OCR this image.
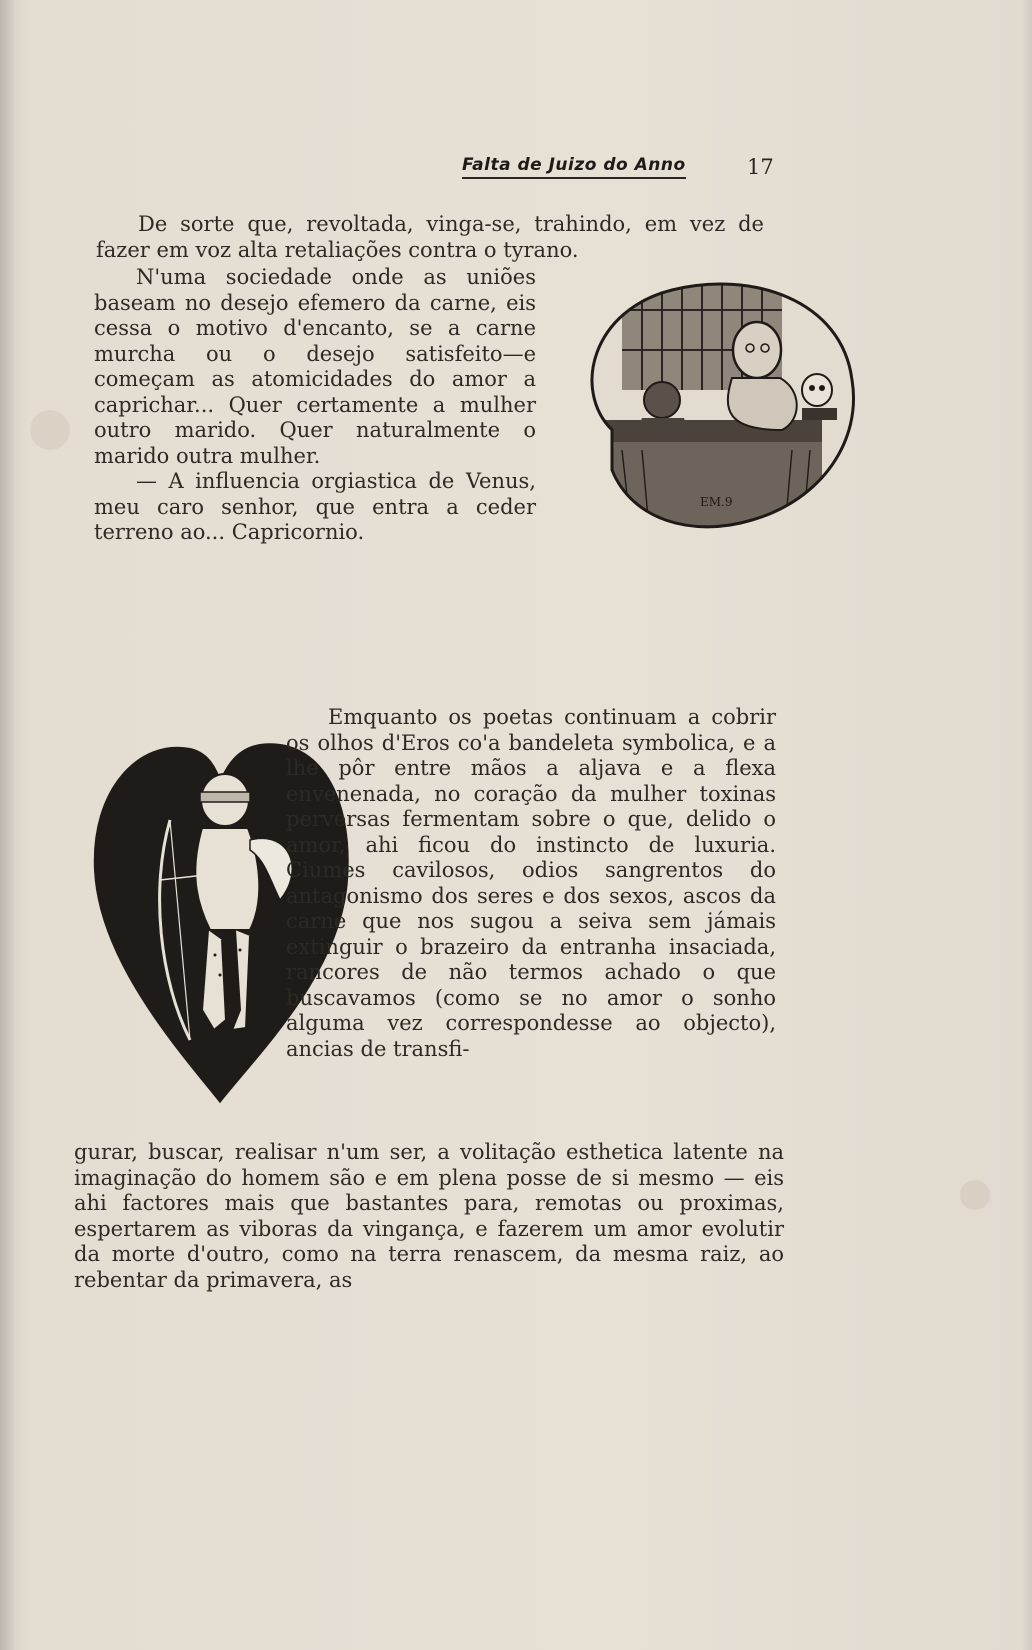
Falta de Juizo do Anno	17

De sorte que, revoltada, vinga-se, trahindo, em vez de fazer em voz alta retaliações contra o tyrano.

N'uma sociedade onde as uniões baseam no desejo efemero da carne, eis cessa o motivo d'encanto, se a carne murcha ou o desejo satisfeito—e começam as atomicidades do amor a caprichar... Quer certamente a mulher outro marido. Quer naturalmente o marido outra mulher.

— A influencia orgiastica de Venus, meu caro senhor, que entra a ceder terreno ao... Capricornio.

EM.9

Emquanto os poetas continuam a cobrir os olhos d'Eros co'a bandeleta symbolica, e a lhe pôr entre mãos a aljava e a flexa envenenada, no coração da mulher toxinas perversas fermentam sobre o que, delido o amor, ahi ficou do instincto de luxuria. Ciumes cavilosos, odios sangrentos do antagonismo dos seres e dos sexos, ascos da carne que nos sugou a seiva sem jámais extinguir o brazeiro da entranha insaciada, rancores de não termos achado o que buscavamos (como se no amor o sonho alguma vez correspondesse ao objecto), ancias de transfi-

gurar, buscar, realisar n'um ser, a volitação esthetica latente na imaginação do homem são e em plena posse de si mesmo — eis ahi factores mais que bastantes para, remotas ou proximas, espertarem as viboras da vingança, e fazerem um amor evolutir da morte d'outro, como na terra renascem, da mesma raiz, ao rebentar da primavera, as
